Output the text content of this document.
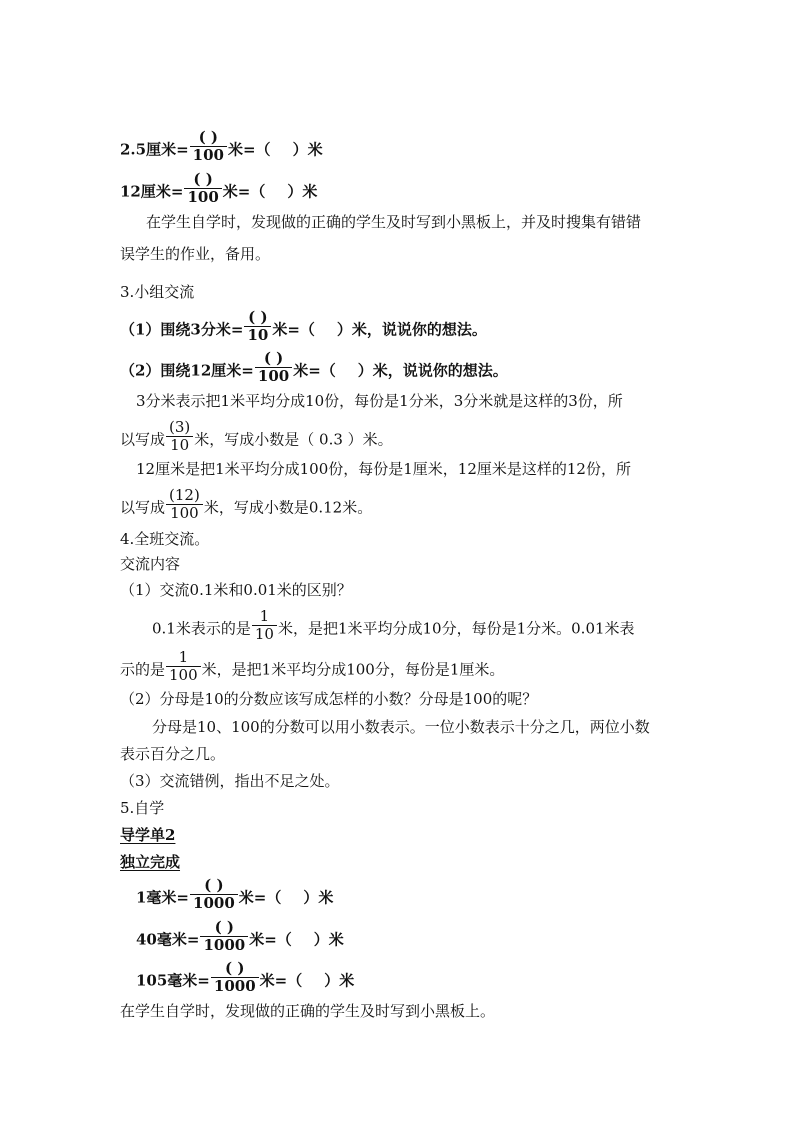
2.5厘米= $\frac{( )}{100}$ 米=（ ）米
12厘米= $\frac{( )}{100}$ 米=（ ）米
在学生自学时，发现做的正确的学生及时写到小黑板上，并及时搜集有错错
误学生的作业，备用。
3.小组交流
（1）围绕3分米= $\frac{( )}{10}$ 米=（ ）米，说说你的想法。
（2）围绕12厘米= $\frac{( )}{100}$ 米=（ ）米，说说你的想法。
3分米表示把1米平均分成10份，每份是1分米，3分米就是这样的3份，所
以写成 $\frac{(3)}{10}$ 米，写成小数是（ 0.3 ）米。
12厘米是把1米平均分成100份，每份是1厘米，12厘米是这样的12份，所
以写成 $\frac{(12)}{100}$ 米，写成小数是0.12米。
4.全班交流。
交流内容
（1）交流0.1米和0.01米的区别？
0.1米表示的是 $\frac{1}{10}$ 米，是把1米平均分成10分，每份是1分米。0.01米表
示的是 $\frac{1}{100}$ 米，是把1米平均分成100分，每份是1厘米。
（2）分母是10的分数应该写成怎样的小数？分母是100的呢？
分母是10、100的分数可以用小数表示。一位小数表示十分之几，两位小数
表示百分之几。
（3）交流错例，指出不足之处。
5.自学
导学单2
独立完成
1毫米= $\frac{( )}{1000}$ 米=（ ）米
40毫米= $\frac{( )}{1000}$ 米=（ ）米
105毫米= $\frac{( )}{1000}$ 米=（ ）米
在学生自学时，发现做的正确的学生及时写到小黑板上。
